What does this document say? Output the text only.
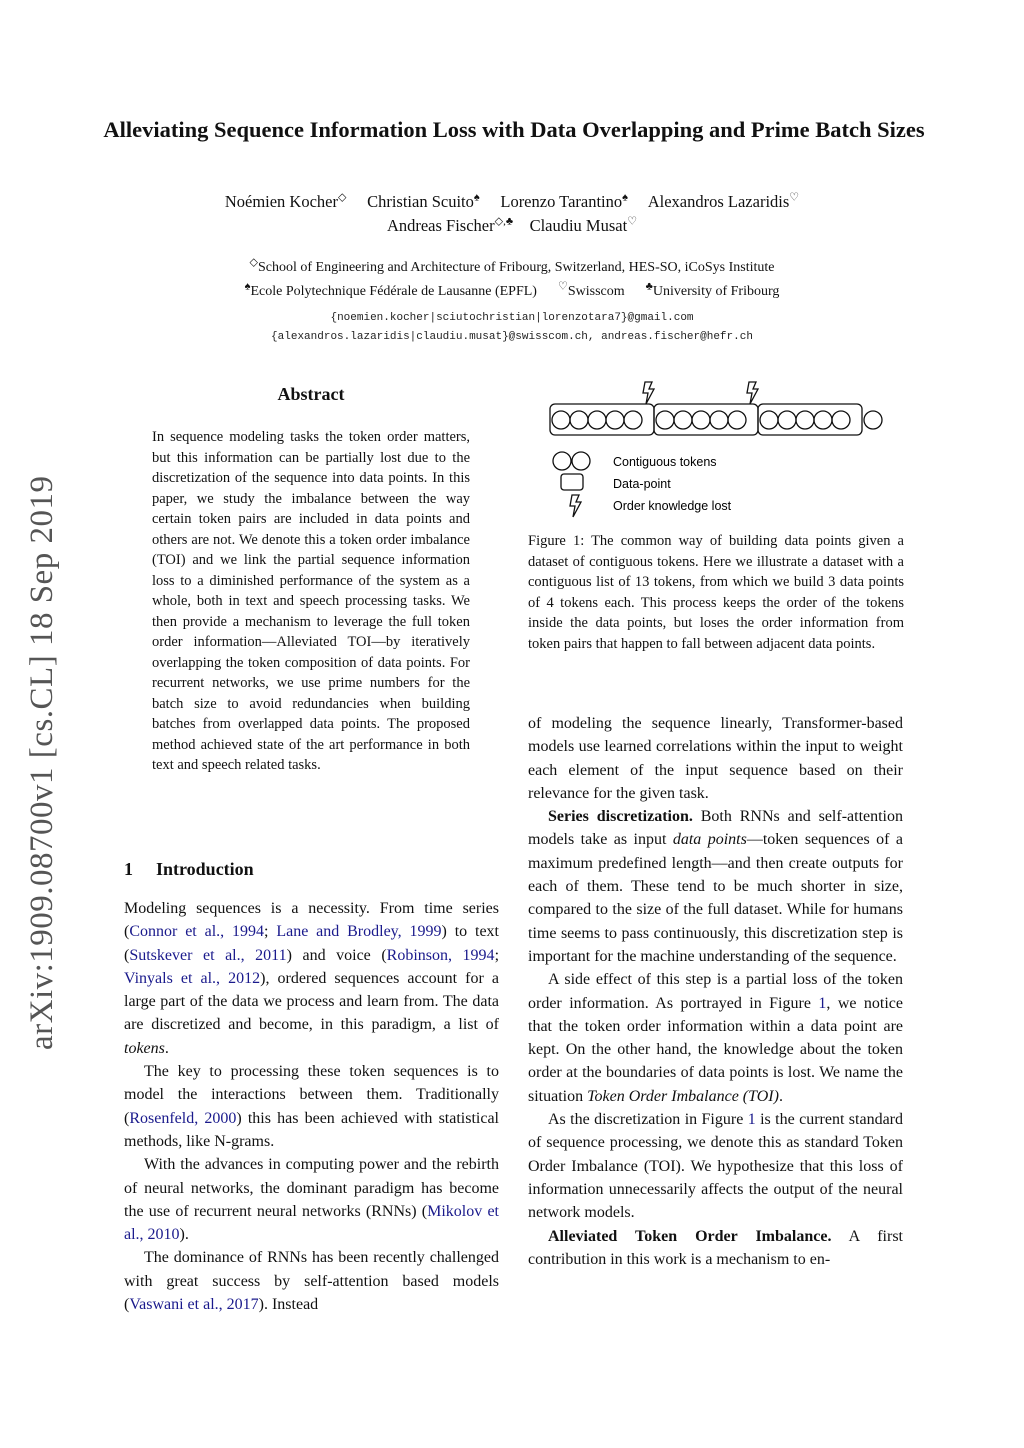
arXiv:1909.08700v1 [cs.CL] 18 Sep 2019
Alleviating Sequence Information Loss with Data Overlapping and Prime Batch Sizes
Noémien Kocher◇ Christian Scuito♠ Lorenzo Tarantino♠ Alexandros Lazaridis♡
Andreas Fischer◇,♣ Claudiu Musat♡
◇School of Engineering and Architecture of Fribourg, Switzerland, HES-SO, iCoSys Institute
♠Ecole Polytechnique Fédérale de Lausanne (EPFL) ♡Swisscom ♣University of Fribourg
{noemien.kocher|sciutochristian|lorenzotara7}@gmail.com
{alexandros.lazaridis|claudiu.musat}@swisscom.ch, andreas.fischer@hefr.ch
Abstract
In sequence modeling tasks the token order matters, but this information can be partially lost due to the discretization of the sequence into data points. In this paper, we study the imbalance between the way certain token pairs are included in data points and others are not. We denote this a token order imbalance (TOI) and we link the partial sequence information loss to a diminished performance of the system as a whole, both in text and speech processing tasks. We then provide a mechanism to leverage the full token order information—Alleviated TOI—by iteratively overlapping the token composition of data points. For recurrent networks, we use prime numbers for the batch size to avoid redundancies when building batches from overlapped data points. The proposed method achieved state of the art performance in both text and speech related tasks.
1 Introduction

Modeling sequences is a necessity. From time series (Connor et al., 1994; Lane and Brodley, 1999) to text (Sutskever et al., 2011) and voice (Robinson, 1994; Vinyals et al., 2012), ordered sequences account for a large part of the data we process and learn from. The data are discretized and become, in this paradigm, a list of tokens.

The key to processing these token sequences is to model the interactions between them. Traditionally (Rosenfeld, 2000) this has been achieved with statistical methods, like N-grams.

With the advances in computing power and the rebirth of neural networks, the dominant paradigm has become the use of recurrent neural networks (RNNs) (Mikolov et al., 2010).

The dominance of RNNs has been recently challenged with great success by self-attention based models (Vaswani et al., 2017). Instead

Contiguous tokens
Data-point
Order knowledge lost
Figure 1: The common way of building data points given a dataset of contiguous tokens. Here we illustrate a dataset with a contiguous list of 13 tokens, from which we build 3 data points of 4 tokens each. This process keeps the order of the tokens inside the data points, but loses the order information from token pairs that happen to fall between adjacent data points.

of modeling the sequence linearly, Transformer-based models use learned correlations within the input to weight each element of the input sequence based on their relevance for the given task.

Series discretization. Both RNNs and self-attention models take as input data points—token sequences of a maximum predefined length—and then create outputs for each of them. These tend to be much shorter in size, compared to the size of the full dataset. While for humans time seems to pass continuously, this discretization step is important for the machine understanding of the sequence.

A side effect of this step is a partial loss of the token order information. As portrayed in Figure 1, we notice that the token order information within a data point are kept. On the other hand, the knowledge about the token order at the boundaries of data points is lost. We name the situation Token Order Imbalance (TOI).

As the discretization in Figure 1 is the current standard of sequence processing, we denote this as standard Token Order Imbalance (TOI). We hypothesize that this loss of information unnecessarily affects the output of the neural network models.

Alleviated Token Order Imbalance. A first contribution in this work is a mechanism to en-
